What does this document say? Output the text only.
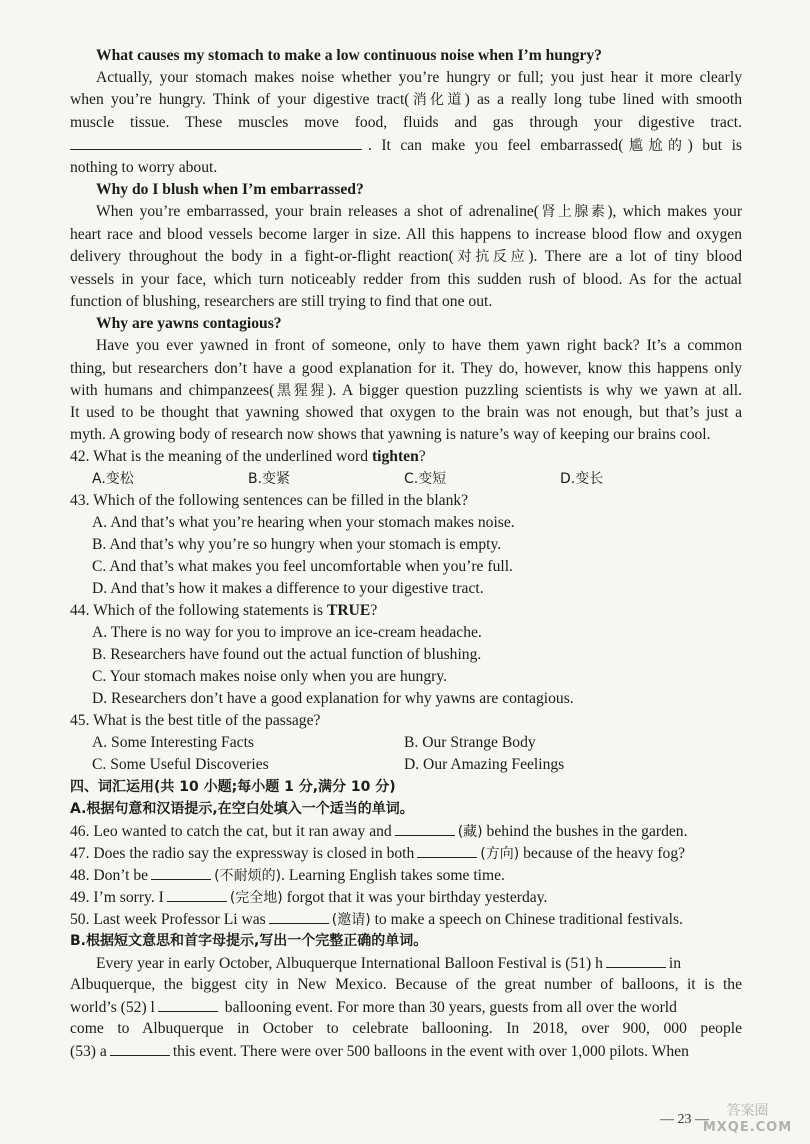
What causes my stomach to make a low continuous noise when I’m hungry?
Actually, your stomach makes noise whether you’re hungry or full; you just hear it more clearly
when you’re hungry. Think of your digestive tract(消化道) as a really long tube lined with smooth
muscle tissue. These muscles move food, fluids and gas through your digestive tract.
. It can make you feel embarrassed(尴尬的) but is
nothing to worry about.
Why do I blush when I’m embarrassed?
When you’re embarrassed, your brain releases a shot of adrenaline(肾上腺素), which makes your
heart race and blood vessels become larger in size. All this happens to increase blood flow and oxygen
delivery throughout the body in a fight-or-flight reaction(对抗反应). There are a lot of tiny blood
vessels in your face, which turn noticeably redder from this sudden rush of blood. As for the actual
function of blushing, researchers are still trying to find that one out.
Why are yawns contagious?
Have you ever yawned in front of someone, only to have them yawn right back? It’s a common
thing, but researchers don’t have a good explanation for it. They do, however, know this happens only
with humans and chimpanzees(黑猩猩). A bigger question puzzling scientists is why we yawn at all.
It used to be thought that yawning showed that oxygen to the brain was not enough, but that’s just a
myth. A growing body of research now shows that yawning is nature’s way of keeping our brains cool.
42. What is the meaning of the underlined word tighten?
A.变松	B.变紧	C.变短	D.变长
43. Which of the following sentences can be filled in the blank?
A. And that’s what you’re hearing when your stomach makes noise.
B. And that’s why you’re so hungry when your stomach is empty.
C. And that’s what makes you feel uncomfortable when you’re full.
D. And that’s how it makes a difference to your digestive tract.
44. Which of the following statements is TRUE?
A. There is no way for you to improve an ice-cream headache.
B. Researchers have found out the actual function of blushing.
C. Your stomach makes noise only when you are hungry.
D. Researchers don’t have a good explanation for why yawns are contagious.
45. What is the best title of the passage?
A. Some Interesting Facts	B. Our Strange Body
C. Some Useful Discoveries	D. Our Amazing Feelings
四、词汇运用(共 10 小题;每小题 1 分,满分 10 分)
A.根据句意和汉语提示,在空白处填入一个适当的单词。
46. Leo wanted to catch the cat, but it ran away and	(藏) behind the bushes in the garden.
47. Does the radio say the expressway is closed in both	(方向) because of the heavy fog?
48. Don’t be	(不耐烦的). Learning English takes some time.
49. I’m sorry. I	(完全地) forgot that it was your birthday yesterday.
50. Last week Professor Li was	(邀请) to make a speech on Chinese traditional festivals.
B.根据短文意思和首字母提示,写出一个完整正确的单词。
Every year in early October, Albuquerque International Balloon Festival is (51) h	in
Albuquerque, the biggest city in New Mexico. Because of the great number of balloons, it is the
world’s (52) l	ballooning event. For more than 30 years, guests from all over the world
come to Albuquerque in October to celebrate ballooning. In 2018, over 900, 000 people
(53) a	this event. There were over 500 balloons in the event with over 1,000 pilots. When
— 23 —
答案圈
MXQE.COM
